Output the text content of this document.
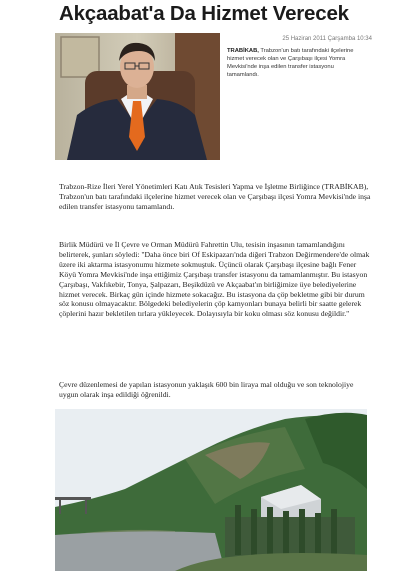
Akçaabat'a Da Hizmet Verecek
25 Haziran 2011 Çarşamba 10:34
TRABİKAB, Trabzon'un batı tarafındaki ilçelerine hizmet verecek olan ve Çarşıbaşı ilçesi Yomra Mevkisi'nde inşa edilen transfer istasyonu tamamlandı.
Trabzon-Rize İleri Yerel Yönetimleri Katı Atık Tesisleri Yapma ve İşletme Birliğince (TRABİKAB), Trabzon'un batı tarafındaki ilçelerine hizmet verecek olan ve Çarşıbaşı ilçesi Yomra Mevkisi'nde inşa edilen transfer istasyonu tamamlandı.
Birlik Müdürü ve İl Çevre ve Orman Müdürü Fahrettin Ulu, tesisin inşasının tamamlandığını belirterek, şunları söyledi: "Daha önce biri Of Eskipazarı'nda diğeri Trabzon Değirmendere'de olmak üzere iki aktarma istasyonumu hizmete sokmuştuk. Üçüncü olarak Çarşıbaşı ilçesine bağlı Fener Köyü Yomra Mevkisi'nde inşa ettiğimiz Çarşıbaşı transfer istasyonu da tamamlanmıştır. Bu istasyon Çarşıbaşı, Vakfıkebir, Tonya, Şalpazarı, Beşikdüzü ve Akçaabat'ın birliğimize üye belediyelerine hizmet verecek. Birkaç gün içinde hizmete sokacağız. Bu istasyona da çöp bekletme gibi bir durum söz konusu olmayacaktır. Bölgedeki belediyelerin çöp kamyonları bunaya belirli bir saatte gelerek çöplerini hazır bekletilen tırlara yükleyecek. Dolayısıyla bir koku olması söz konusu değildir."
Çevre düzenlemesi de yapılan istasyonun yaklaşık 600 bin liraya mal olduğu ve son teknolojiye uygun olarak inşa edildiği öğrenildi.
